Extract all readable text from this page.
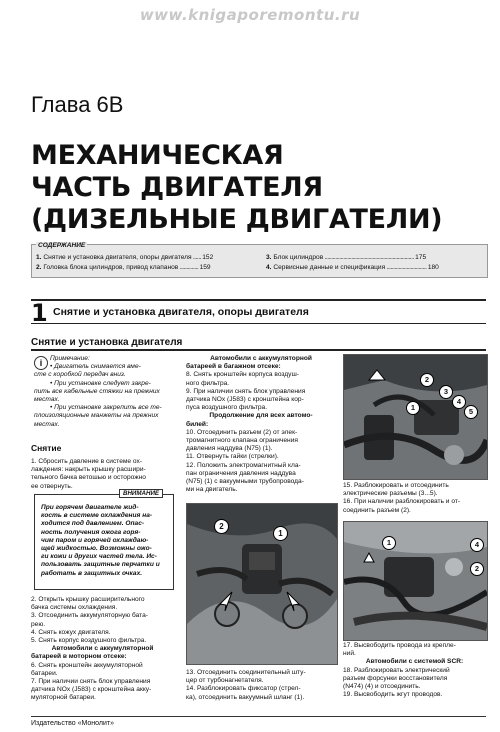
www.knigaporemontu.ru
Глава 6В
МЕХАНИЧЕСКАЯ
ЧАСТЬ ДВИГАТЕЛЯ
(ДИЗЕЛЬНЫЕ ДВИГАТЕЛИ)
СОДЕРЖАНИЕ
1. Снятие и установка двигателя, опоры двигателя ...... 152
2. Головка блока цилиндров, привод клапанов .............. 159
3. Блок цилиндров ................................................................... 175
4. Сервисные данные и спецификация .............................. 180
1 Снятие и установка двигателя, опоры двигателя
Снятие и установка двигателя
i	Примечание:

• Двигатель снимается вме-

сте с коробкой передач вниз.

• При установке следует закре-

пить все кабельные стяжки на прежних

местах.

• При установке закрепить все те-

плоизоляционные манжеты на прежних

местах.

Снятие

1. Сбросить давление в системе ох-

лаждения: накрыть крышку расшири-

тельного бачка ветошью и осторожно

ее отвернуть.

ВНИМАНИЕ

При горячем двигателе жид-

кость в системе охлаждения на-

ходится под давлением. Опас-

ность получения ожога горя-

чим паром и горячей охлаждаю-

щей жидкостью. Возможны ожо-

ги кожи и других частей тела. Ис-

пользовать защитные перчатки и

работать в защитных очках.

2. Открыть крышку расширительного

бачка системы охлаждения.

3. Отсоединить аккумуляторную бата-

рею.

4. Снять кожух двигателя.

5. Снять корпус воздушного фильтра.

Автомобили с аккумуляторной

батареей в моторном отсеке:

6. Снять кронштейн аккумуляторной

батареи.

7. При наличии снять блок управления

датчика NOx (J583) с кронштейна акку-

муляторной батареи.

Автомобили с аккумуляторной

батареей в багажном отсеке:

8. Снять кронштейн корпуса воздуш-

ного фильтра.

9. При наличии снять блок управления

датчика NOx (J583) с кронштейна кор-

пуса воздушного фильтра.

Продолжение для всех автомо-

билей:

10. Отсоединить разъем (2) от элек-

тромагнитного клапана ограничения

давления наддува (N75) (1).

11. Отвернуть гайки (стрелки).

12. Положить электромагнитный кла-

пан ограничения давления наддува

(N75) (1) с вакуумными трубопровода-

ми на двигатель.

2
1

13. Отсоединить соединительный шту-

цер от турбонагнетателя.

14. Разблокировать фиксатор (стрел-

ка), отсоединить вакуумный шланг (1).

2
1
3
4
5

15. Разблокировать и отсоединить

электрические разъемы (3...5).

16. При наличии разблокировать и от-

соединить разъем (2).

1	4
2

17. Высвободить провода из крепле-

ний.

Автомобили с системой SCR:

18. Разблокировать электрический

разъем форсунки восстановителя

(N474) (4) и отсоединить.

19. Высвободить жгут проводов.

Издательство «Монолит»
